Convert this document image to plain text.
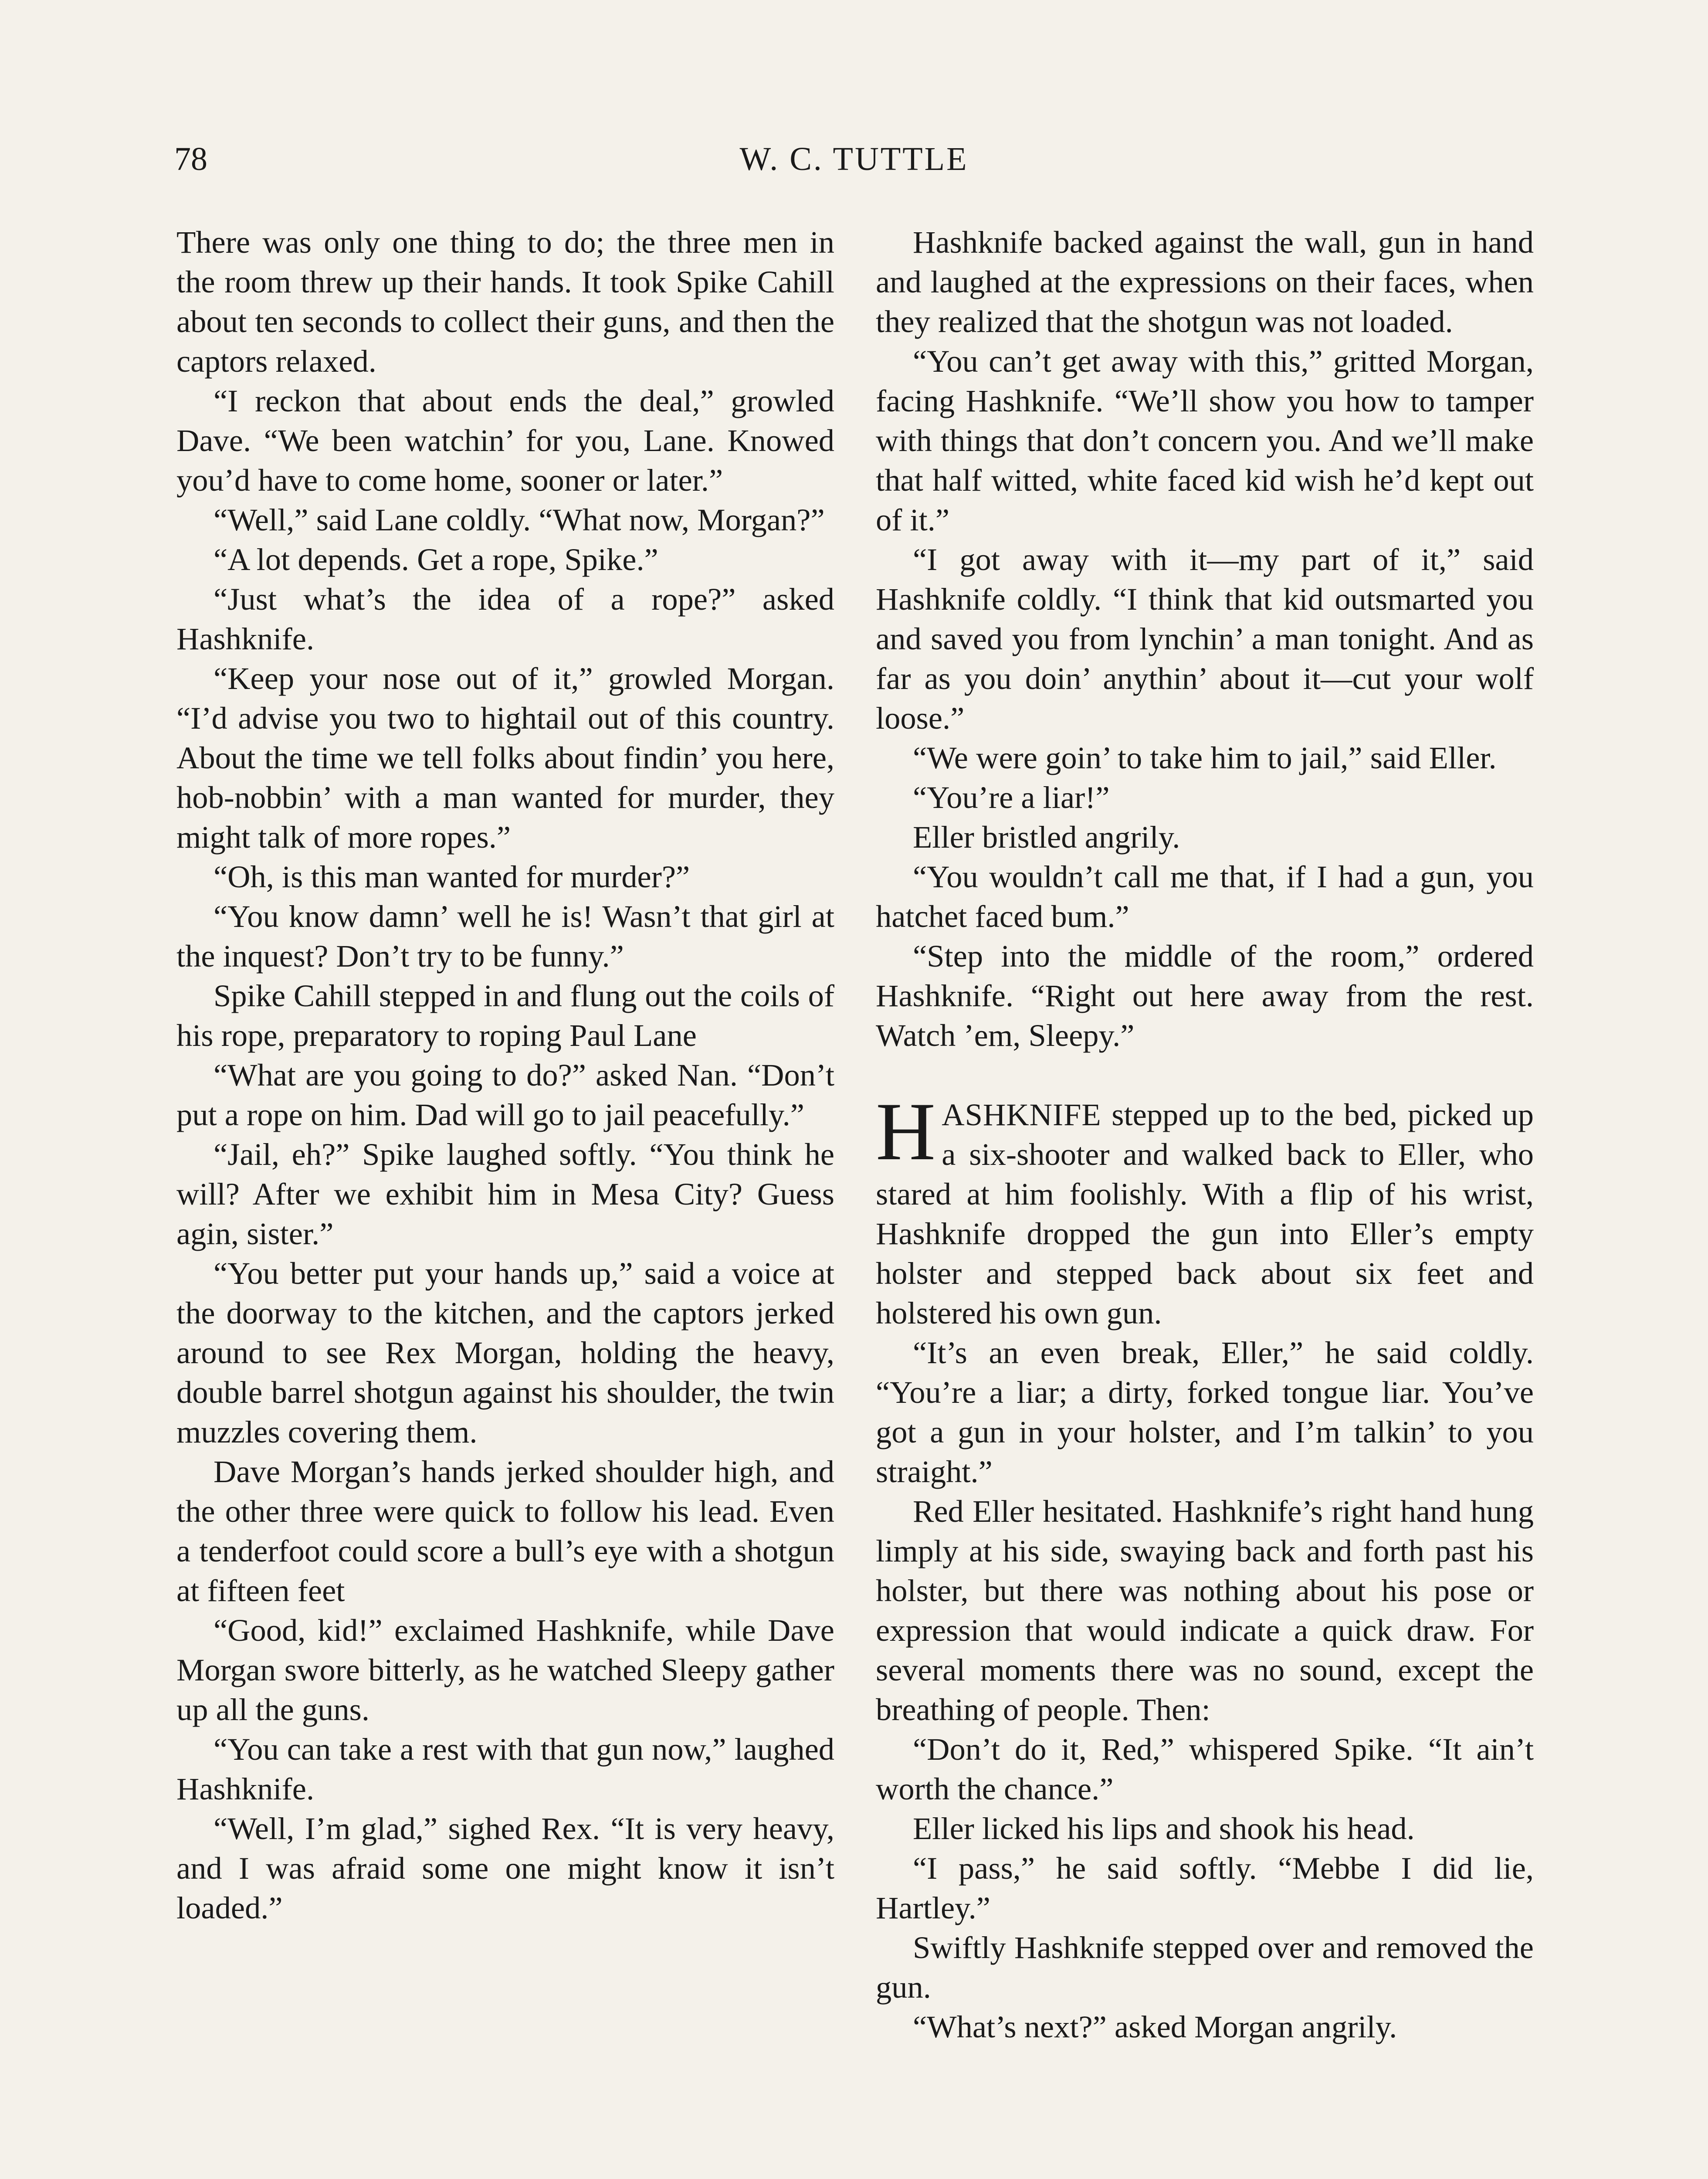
78	W. C. TUTTLE

There was only one thing to do; the three men in the room threw up their hands. It took Spike Cahill about ten seconds to collect their guns, and then the captors relaxed.

“I reckon that about ends the deal,” growled Dave. “We been watchin’ for you, Lane. Knowed you’d have to come home, sooner or later.”

“Well,” said Lane coldly. “What now, Morgan?”

“A lot depends. Get a rope, Spike.”

“Just what’s the idea of a rope?” asked Hashknife.

“Keep your nose out of it,” growled Morgan. “I’d advise you two to hightail out of this country. About the time we tell folks about findin’ you here, hob-nobbin’ with a man wanted for murder, they might talk of more ropes.”

“Oh, is this man wanted for murder?”

“You know damn’ well he is! Wasn’t that girl at the inquest? Don’t try to be funny.”

Spike Cahill stepped in and flung out the coils of his rope, preparatory to roping Paul Lane

“What are you going to do?” asked Nan. “Don’t put a rope on him. Dad will go to jail peacefully.”

“Jail, eh?” Spike laughed softly. “You think he will? After we exhibit him in Mesa City? Guess agin, sister.”

“You better put your hands up,” said a voice at the doorway to the kitchen, and the captors jerked around to see Rex Morgan, holding the heavy, double barrel shotgun against his shoulder, the twin muzzles covering them.

Dave Morgan’s hands jerked shoulder high, and the other three were quick to follow his lead. Even a tenderfoot could score a bull’s eye with a shotgun at fifteen feet

“Good, kid!” exclaimed Hashknife, while Dave Morgan swore bitterly, as he watched Sleepy gather up all the guns.

“You can take a rest with that gun now,” laughed Hashknife.

“Well, I’m glad,” sighed Rex. “It is very heavy, and I was afraid some one might know it isn’t loaded.”

Hashknife backed against the wall, gun in hand and laughed at the expressions on their faces, when they realized that the shotgun was not loaded.

“You can’t get away with this,” gritted Morgan, facing Hashknife. “We’ll show you how to tamper with things that don’t concern you. And we’ll make that half witted, white faced kid wish he’d kept out of it.”

“I got away with it—my part of it,” said Hashknife coldly. “I think that kid outsmarted you and saved you from lynchin’ a man tonight. And as far as you doin’ anythin’ about it—cut your wolf loose.”

“We were goin’ to take him to jail,” said Eller.

“You’re a liar!”

Eller bristled angrily.

“You wouldn’t call me that, if I had a gun, you hatchet faced bum.”

“Step into the middle of the room,” ordered Hashknife. “Right out here away from the rest. Watch ’em, Sleepy.”

HASHKNIFE stepped up to the bed, picked up a six-shooter and walked back to Eller, who stared at him foolishly. With a flip of his wrist, Hashknife dropped the gun into Eller’s empty holster and stepped back about six feet and holstered his own gun.

“It’s an even break, Eller,” he said coldly. “You’re a liar; a dirty, forked tongue liar. You’ve got a gun in your holster, and I’m talkin’ to you straight.”

Red Eller hesitated. Hashknife’s right hand hung limply at his side, swaying back and forth past his holster, but there was nothing about his pose or expression that would indicate a quick draw. For several moments there was no sound, except the breathing of people. Then:

“Don’t do it, Red,” whispered Spike. “It ain’t worth the chance.”

Eller licked his lips and shook his head.

“I pass,” he said softly. “Mebbe I did lie, Hartley.”

Swiftly Hashknife stepped over and removed the gun.

“What’s next?” asked Morgan angrily.
